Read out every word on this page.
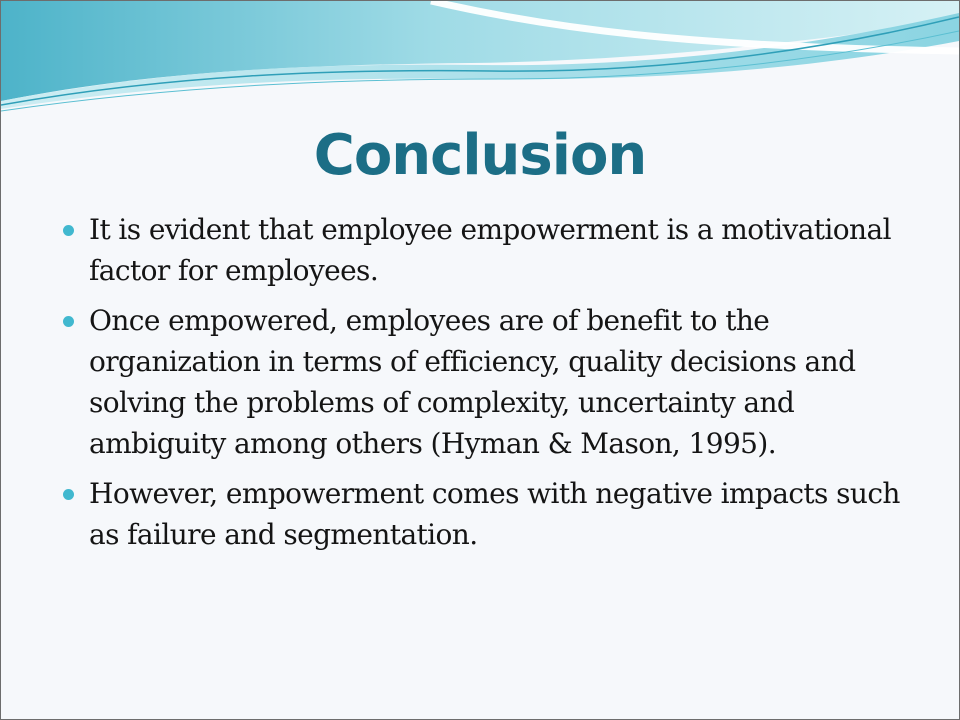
Conclusion
It is evident that employee empowerment is a motivational factor for employees.
Once empowered, employees are of benefit to the organization in terms of efficiency, quality decisions and solving the problems of complexity, uncertainty and ambiguity among others (Hyman & Mason, 1995).
However, empowerment comes with negative impacts such as failure and segmentation.
